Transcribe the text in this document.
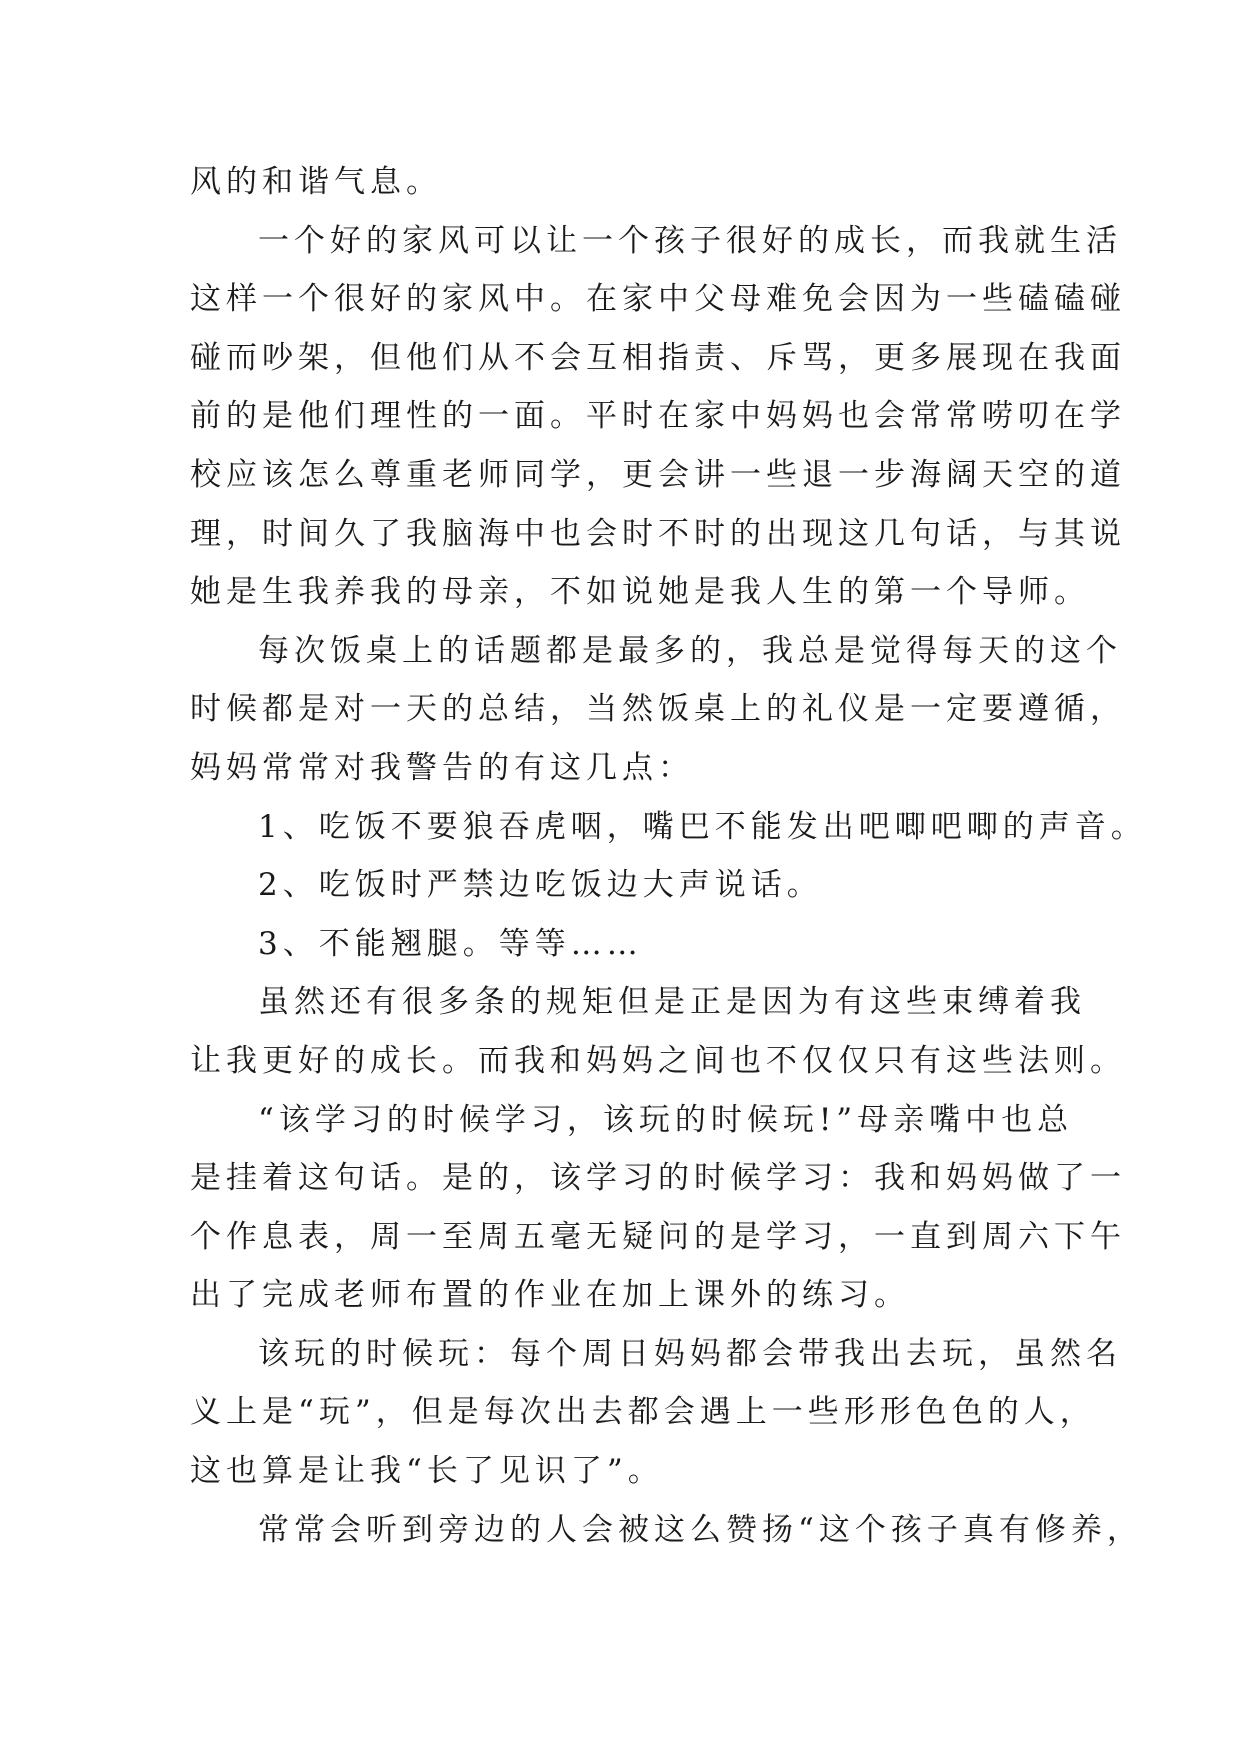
风的和谐气息。
一个好的家风可以让一个孩子很好的成长，而我就生活
这样一个很好的家风中。在家中父母难免会因为一些磕磕碰
碰而吵架，但他们从不会互相指责、斥骂，更多展现在我面
前的是他们理性的一面。平时在家中妈妈也会常常唠叨在学
校应该怎么尊重老师同学，更会讲一些退一步海阔天空的道
理，时间久了我脑海中也会时不时的出现这几句话，与其说
她是生我养我的母亲，不如说她是我人生的第一个导师。
每次饭桌上的话题都是最多的，我总是觉得每天的这个
时候都是对一天的总结，当然饭桌上的礼仪是一定要遵循，
妈妈常常对我警告的有这几点：
1、吃饭不要狼吞虎咽，嘴巴不能发出吧唧吧唧的声音。
2、吃饭时严禁边吃饭边大声说话。
3、不能翘腿。等等……
虽然还有很多条的规矩但是正是因为有这些束缚着我
让我更好的成长。而我和妈妈之间也不仅仅只有这些法则。
“该学习的时候学习，该玩的时候玩!”母亲嘴中也总
是挂着这句话。是的，该学习的时候学习：我和妈妈做了一
个作息表，周一至周五毫无疑问的是学习，一直到周六下午
出了完成老师布置的作业在加上课外的练习。
该玩的时候玩：每个周日妈妈都会带我出去玩，虽然名
义上是“玩”，但是每次出去都会遇上一些形形色色的人，
这也算是让我“长了见识了”。
常常会听到旁边的人会被这么赞扬“这个孩子真有修养，
